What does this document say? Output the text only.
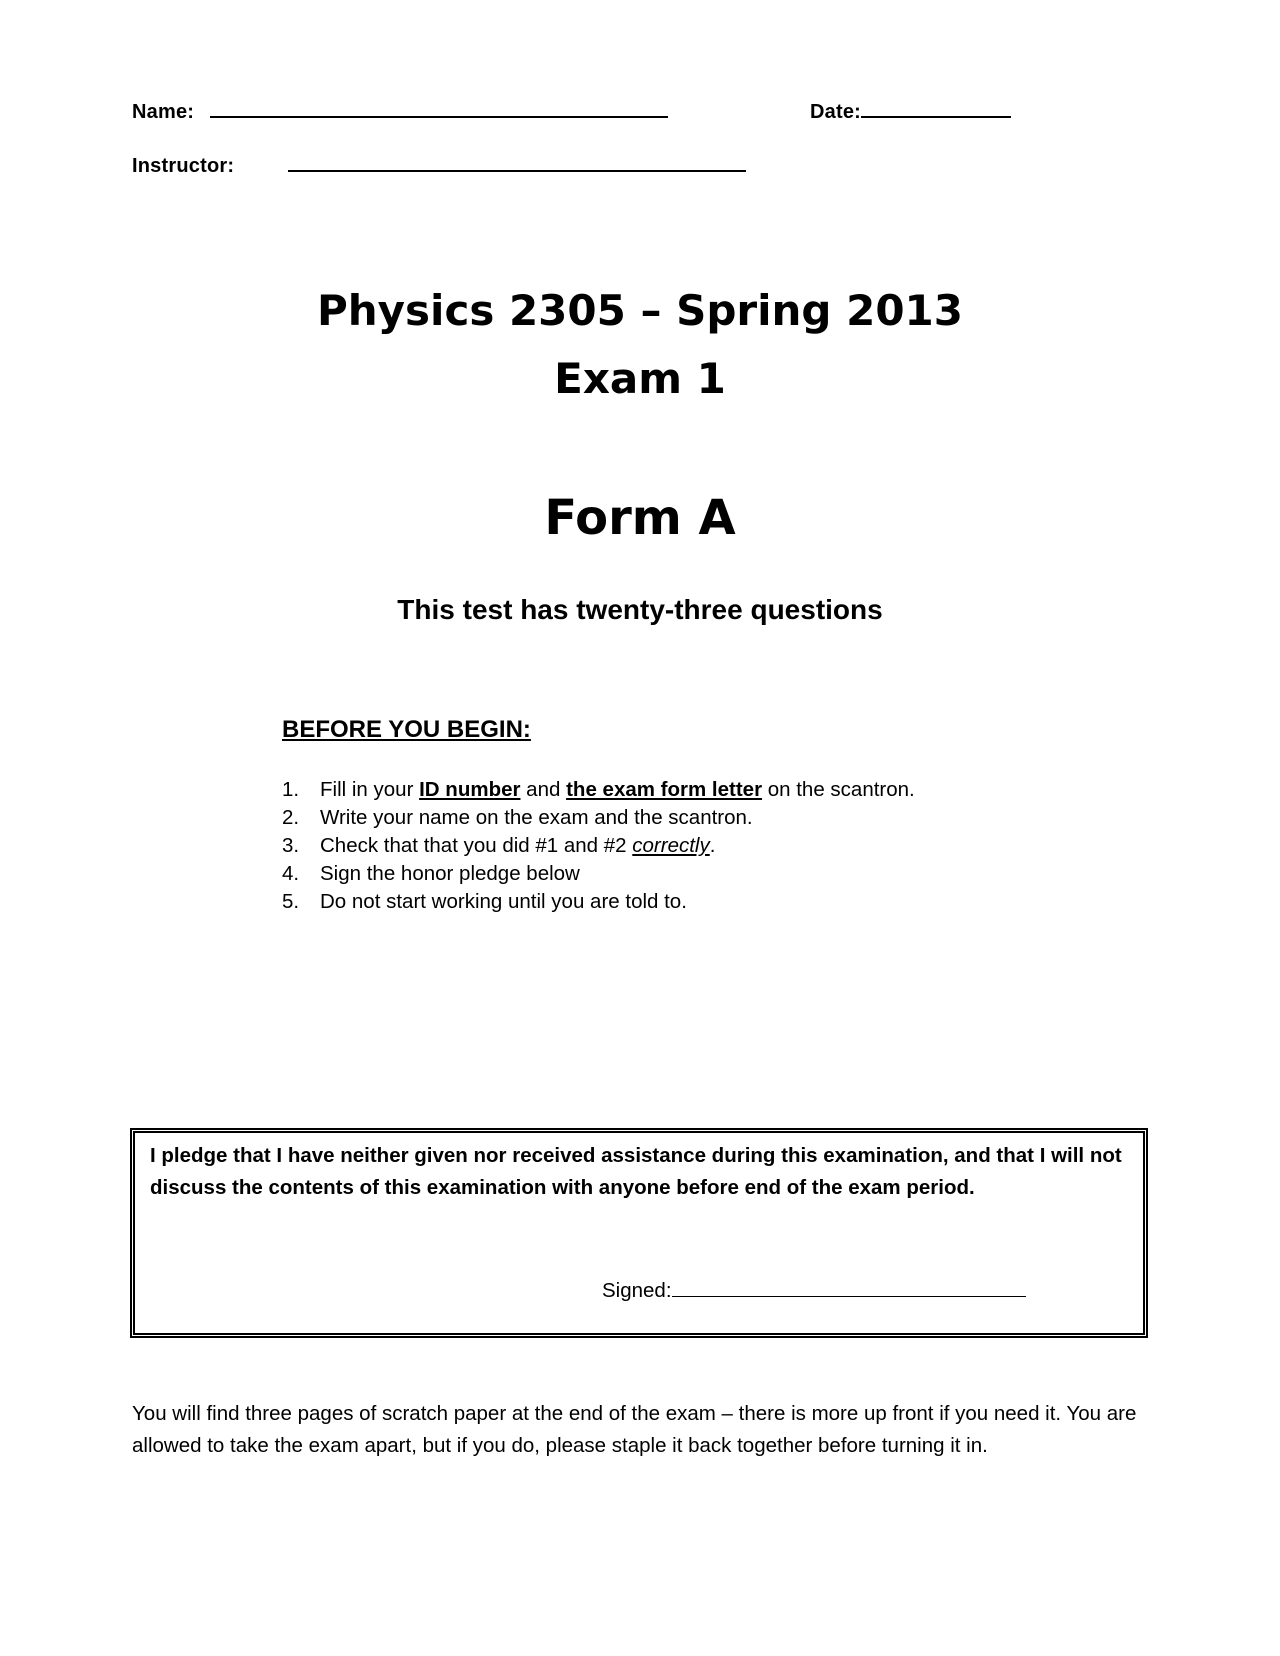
Name:	Date:
Instructor:
Physics 2305 – Spring 2013
Exam 1
Form A
This test has twenty-three questions
BEFORE YOU BEGIN:
1. Fill in your ID number and the exam form letter on the scantron.
2. Write your name on the exam and the scantron.
3. Check that that you did #1 and #2 correctly.
4. Sign the honor pledge below
5. Do not start working until you are told to.
I pledge that I have neither given nor received assistance during this examination, and that I will not discuss the contents of this examination with anyone before end of the exam period.
Signed:
You will find three pages of scratch paper at the end of the exam – there is more up front if you need it. You are allowed to take the exam apart, but if you do, please staple it back together before turning it in.
